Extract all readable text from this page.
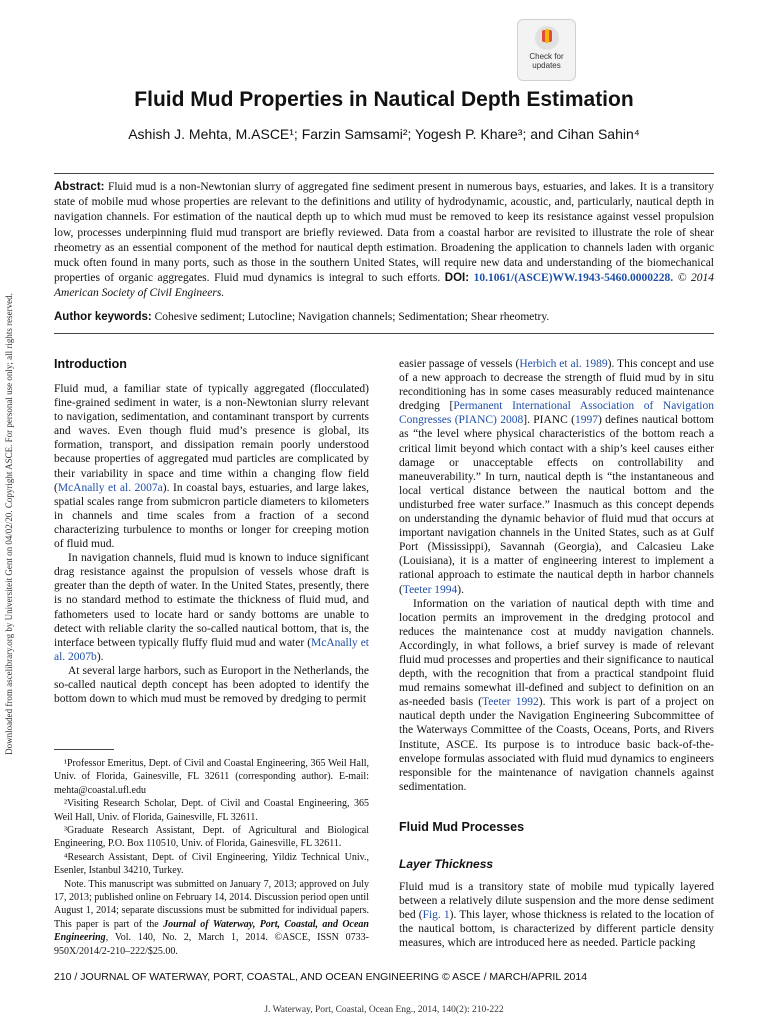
Downloaded from ascelibrary.org by Universiteit Gent on 04/02/20. Copyright ASCE. For personal use only; all rights reserved.
Check for
updates
Fluid Mud Properties in Nautical Depth Estimation
Ashish J. Mehta, M.ASCE¹; Farzin Samsami²; Yogesh P. Khare³; and Cihan Sahin⁴
Abstract: Fluid mud is a non-Newtonian slurry of aggregated fine sediment present in numerous bays, estuaries, and lakes. It is a transitory state of mobile mud whose properties are relevant to the definitions and utility of hydrodynamic, acoustic, and, particularly, nautical depth in navigation channels. For estimation of the nautical depth up to which mud must be removed to keep its resistance against vessel propulsion low, processes underpinning fluid mud transport are briefly reviewed. Data from a coastal harbor are revisited to illustrate the role of shear rheometry as an essential component of the method for nautical depth estimation. Broadening the application to channels laden with organic muck often found in many ports, such as those in the southern United States, will require new data and understanding of the biomechanical properties of organic aggregates. Fluid mud dynamics is integral to such efforts. DOI: 10.1061/(ASCE)WW.1943-5460.0000228. © 2014 American Society of Civil Engineers.
Author keywords: Cohesive sediment; Lutocline; Navigation channels; Sedimentation; Shear rheometry.
Introduction

Fluid mud, a familiar state of typically aggregated (flocculated) fine-grained sediment in water, is a non-Newtonian slurry relevant to navigation, sedimentation, and contaminant transport by currents and waves. Even though fluid mud’s presence is global, its formation, transport, and dissipation remain poorly understood because properties of aggregated mud particles are complicated by their variability in space and time within a changing flow field (McAnally et al. 2007a). In coastal bays, estuaries, and large lakes, spatial scales range from submicron particle diameters to kilometers in channels and time scales from a fraction of a second characterizing turbulence to months or longer for creeping motion of fluid mud.

In navigation channels, fluid mud is known to induce significant drag resistance against the propulsion of vessels whose draft is greater than the depth of water. In the United States, presently, there is no standard method to estimate the thickness of fluid mud, and fathometers used to locate hard or sandy bottoms are unable to detect with reliable clarity the so-called nautical bottom, that is, the interface between typically fluffy fluid mud and water (McAnally et al. 2007b).

At several large harbors, such as Europort in the Netherlands, the so-called nautical depth concept has been adopted to identify the bottom down to which mud must be removed by dredging to permit

¹Professor Emeritus, Dept. of Civil and Coastal Engineering, 365 Weil Hall, Univ. of Florida, Gainesville, FL 32611 (corresponding author). E-mail: mehta@coastal.ufl.edu

²Visiting Research Scholar, Dept. of Civil and Coastal Engineering, 365 Weil Hall, Univ. of Florida, Gainesville, FL 32611.

³Graduate Research Assistant, Dept. of Agricultural and Biological Engineering, P.O. Box 110510, Univ. of Florida, Gainesville, FL 32611.

⁴Research Assistant, Dept. of Civil Engineering, Yildiz Technical Univ., Esenler, Istanbul 34210, Turkey.

Note. This manuscript was submitted on January 7, 2013; approved on July 17, 2013; published online on February 14, 2014. Discussion period open until August 1, 2014; separate discussions must be submitted for individual papers. This paper is part of the Journal of Waterway, Port, Coastal, and Ocean Engineering, Vol. 140, No. 2, March 1, 2014. ©ASCE, ISSN 0733-950X/2014/2-210–222/$25.00.

easier passage of vessels (Herbich et al. 1989). This concept and use of a new approach to decrease the strength of fluid mud by in situ reconditioning has in some cases measurably reduced maintenance dredging [Permanent International Association of Navigation Congresses (PIANC) 2008]. PIANC (1997) defines nautical bottom as “the level where physical characteristics of the bottom reach a critical limit beyond which contact with a ship’s keel causes either damage or unacceptable effects on controllability and maneuverability.” In turn, nautical depth is “the instantaneous and local vertical distance between the nautical bottom and the undisturbed free water surface.” Inasmuch as this concept depends on understanding the dynamic behavior of fluid mud that occurs at important navigation channels in the United States, such as at Gulf Port (Mississippi), Savannah (Georgia), and Calcasieu Lake (Louisiana), it is a matter of engineering interest to implement a rational approach to estimate the nautical depth in harbor channels (Teeter 1994).

Information on the variation of nautical depth with time and location permits an improvement in the dredging protocol and reduces the maintenance cost at muddy navigation channels. Accordingly, in what follows, a brief survey is made of relevant fluid mud processes and properties and their significance to nautical depth, with the recognition that from a practical standpoint fluid mud remains somewhat ill-defined and subject to definition on an as-needed basis (Teeter 1992). This work is part of a project on nautical depth under the Navigation Engineering Subcommittee of the Waterways Committee of the Coasts, Oceans, Ports, and Rivers Institute, ASCE. Its purpose is to introduce basic back-of-the-envelope formulas associated with fluid mud dynamics to engineers responsible for the maintenance of navigation channels against sedimentation.

Fluid Mud Processes
Layer Thickness

Fluid mud is a transitory state of mobile mud typically layered between a relatively dilute suspension and the more dense sediment bed (Fig. 1). This layer, whose thickness is related to the location of the nautical bottom, is characterized by different particle density measures, which are introduced here as needed. Particle packing

210 / JOURNAL OF WATERWAY, PORT, COASTAL, AND OCEAN ENGINEERING © ASCE / MARCH/APRIL 2014
J. Waterway, Port, Coastal, Ocean Eng., 2014, 140(2): 210-222
